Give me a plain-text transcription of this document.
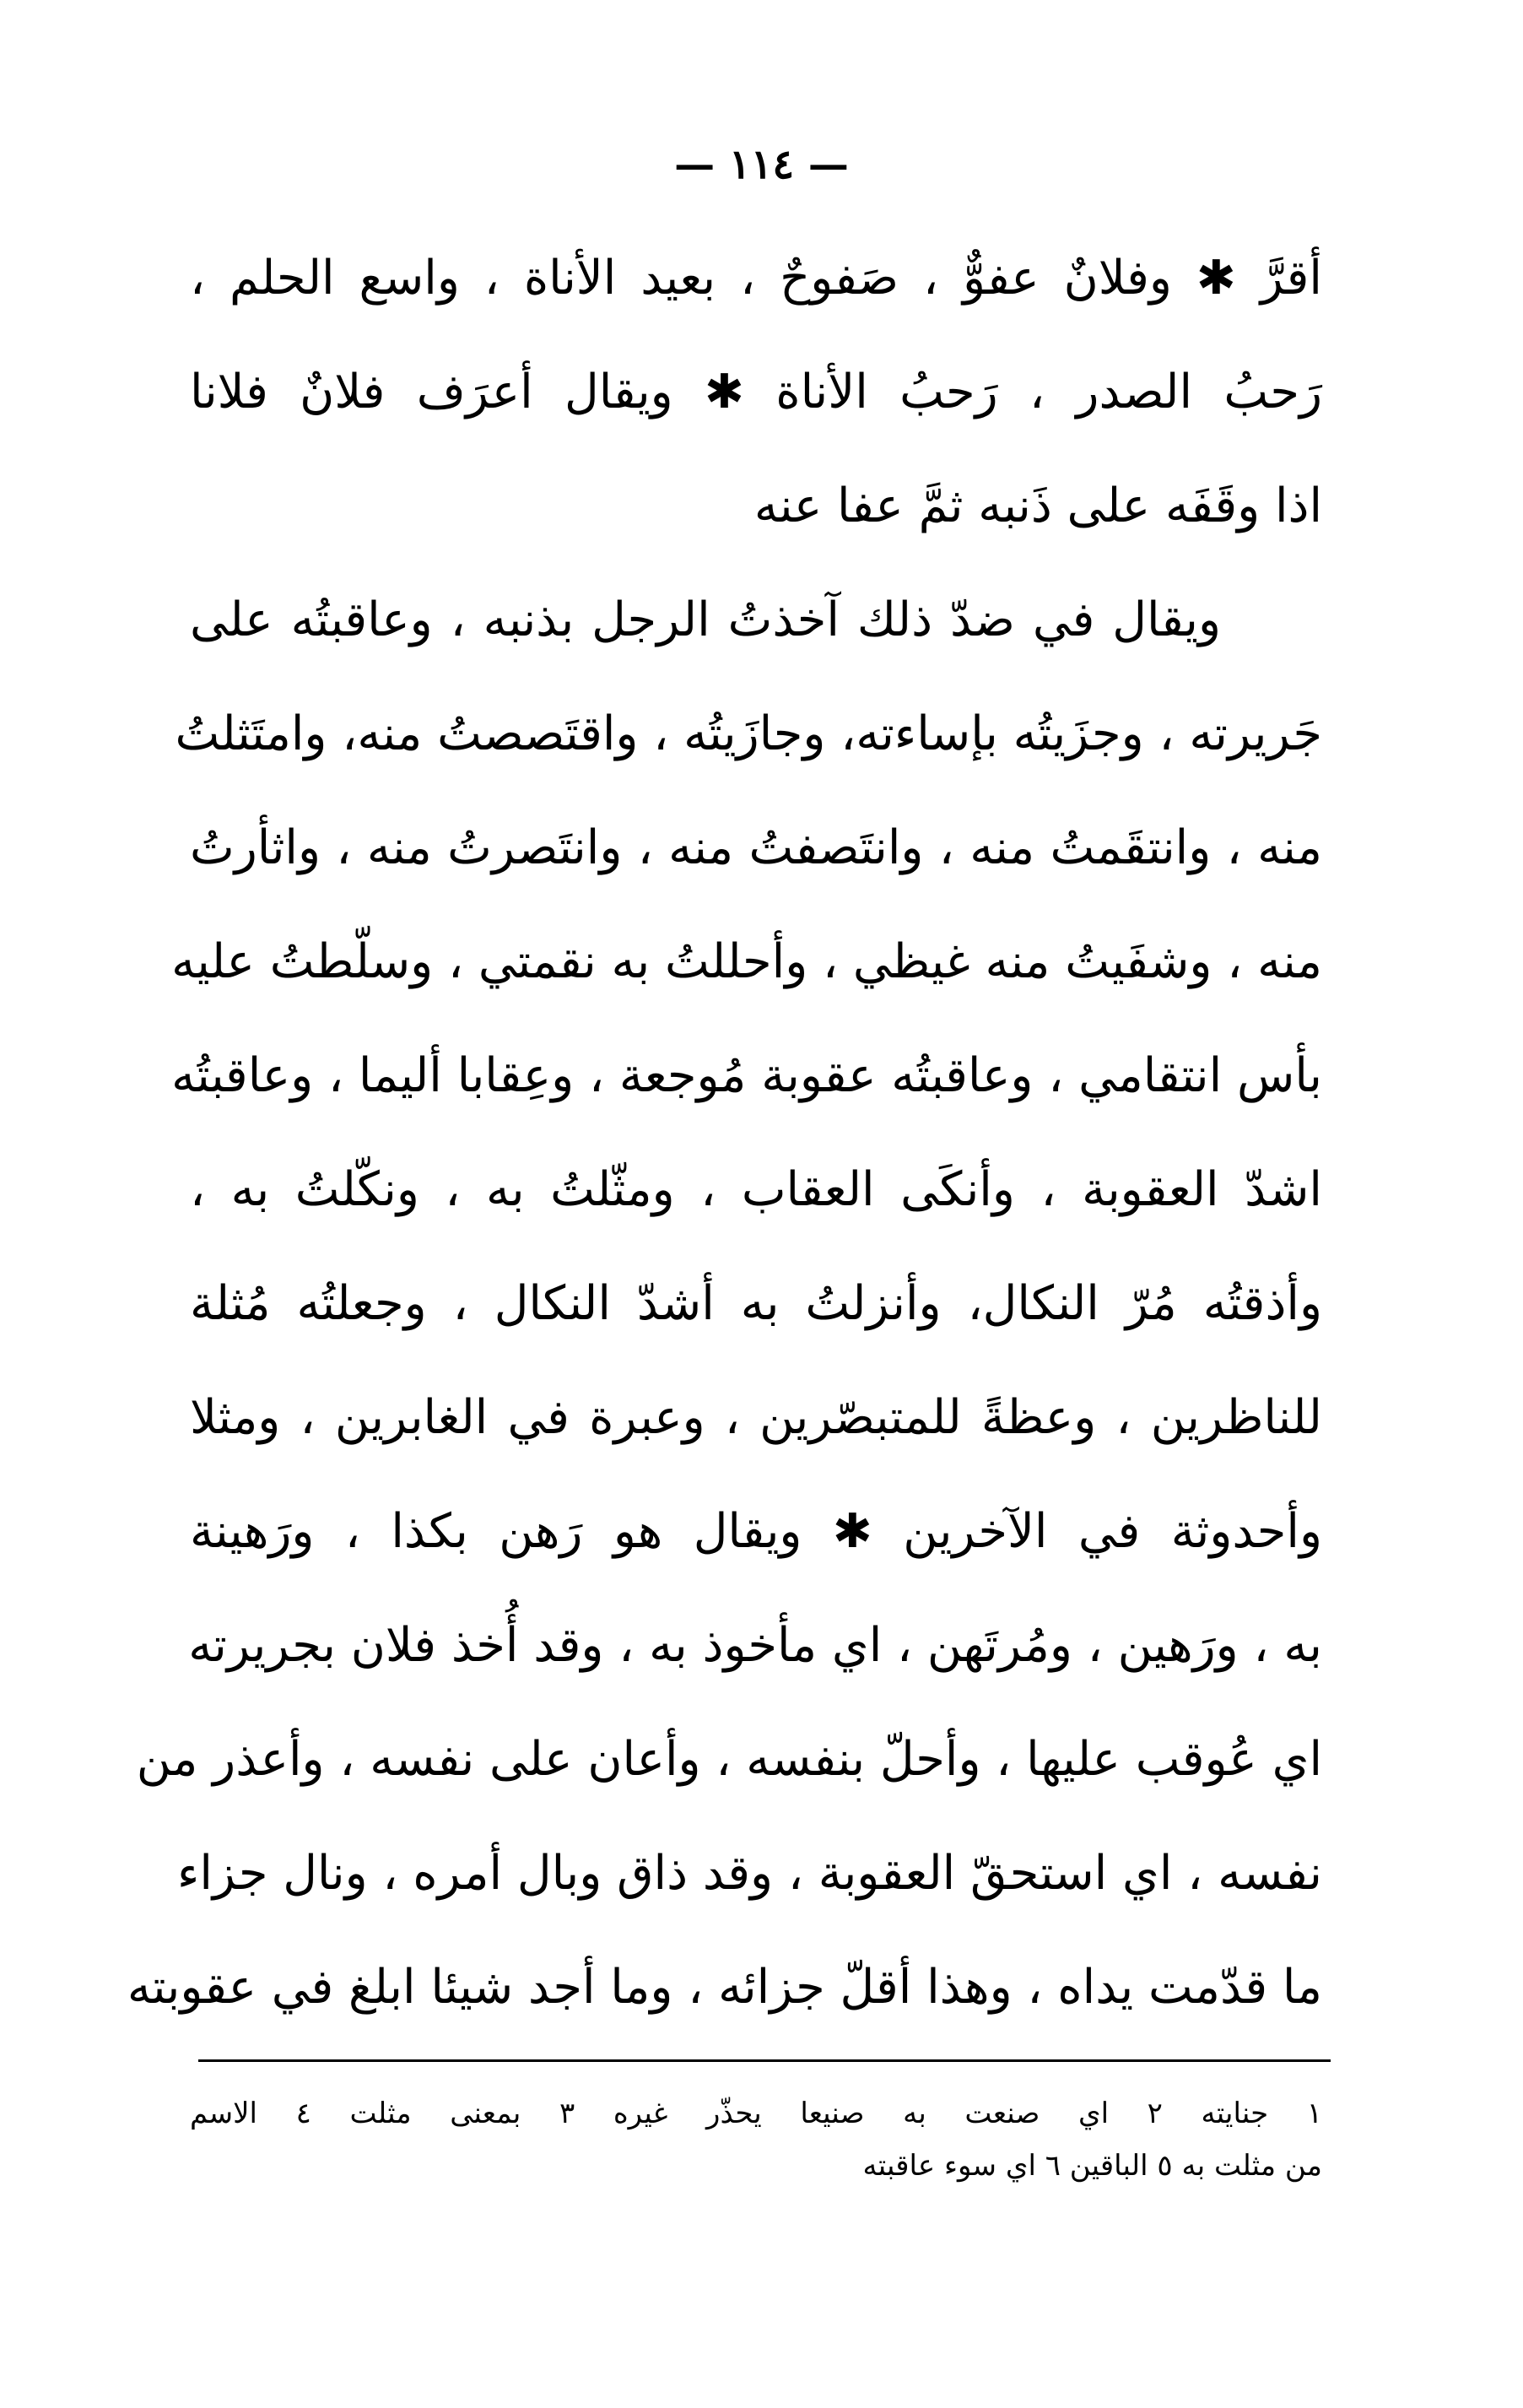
— ١١٤ —
أقرَّ ✱ وفلانٌ عفوٌّ ، صَفوحٌ ، بعيد الأناة ، واسع الحلم ،
رَحبُ الصدر ، رَحبُ الأناة ✱ ويقال أعرَف فلانٌ فلانا
اذا وقَفَه على ذَنبه ثمَّ عفا عنه
ويقال في ضدّ ذلك آخذتُ الرجل بذنبه ، وعاقبتُه على
جَريرته ، وجزَيتُه بإساءته، وجازَيتُه ، واقتَصصتُ منه، وامتَثلتُ
منه ، وانتقَمتُ منه ، وانتَصفتُ منه ، وانتَصرتُ منه ، واثأرتُ
منه ، وشفَيتُ منه غيظي ، وأحللتُ به نقمتي ، وسلّطتُ عليه
بأس انتقامي ، وعاقبتُه عقوبة مُوجعة ، وعِقابا أليما ، وعاقبتُه
اشدّ العقوبة ، وأنكَى العقاب ، ومثّلتُ به ، ونكّلتُ به ،
وأذقتُه مُرّ النكال، وأنزلتُ به أشدّ النكال ، وجعلتُه مُثلة
للناظرين ، وعظةً للمتبصّرين ، وعبرة في الغابرين ، ومثلا
وأحدوثة في الآخرين ✱ ويقال هو رَهن بكذا ، ورَهينة
به ، ورَهين ، ومُرتَهن ، اي مأخوذ به ، وقد أُخذ فلان بجريرته
اي عُوقب عليها ، وأحلّ بنفسه ، وأعان على نفسه ، وأعذر من
نفسه ، اي استحقّ العقوبة ، وقد ذاق وبال أمره ، ونال جزاء
ما قدّمت يداه ، وهذا أقلّ جزائه ، وما أجد شيئا ابلغ في عقوبته
١ جنايته ٢ اي صنعت به صنيعا يحذّر غيره ٣ بمعنى مثلت ٤ الاسم
من مثلت به ٥ الباقين ٦ اي سوء عاقبته
